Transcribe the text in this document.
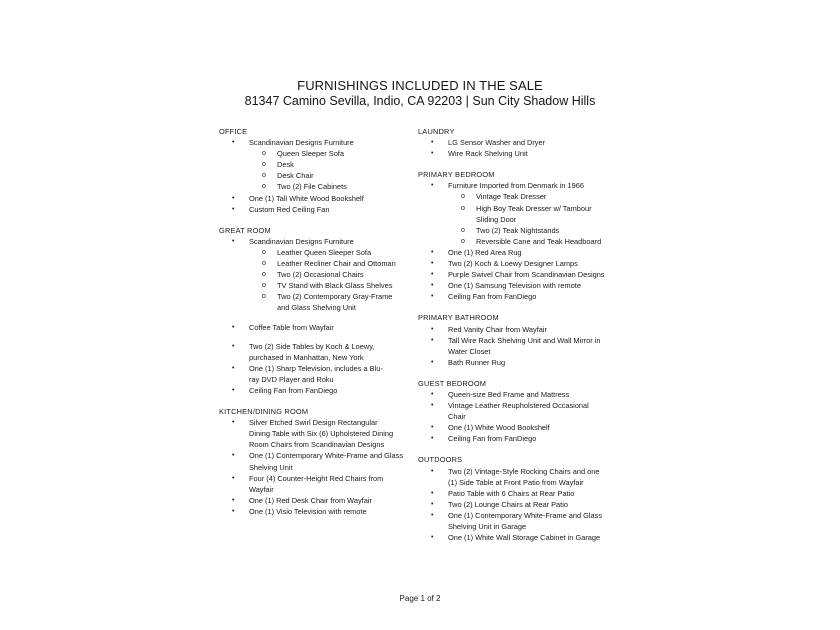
FURNISHINGS INCLUDED IN THE SALE
81347 Camino Sevilla, Indio, CA 92203 | Sun City Shadow Hills
OFFICE
• Scandinavian Designs Furniture
o Queen Sleeper Sofa
o Desk
o Desk Chair
o Two (2) File Cabinets
• One (1) Tall White Wood Bookshelf
• Custom Red Ceiling Fan
GREAT ROOM
• Scandinavian Designs Furniture
o Leather Queen Sleeper Sofa
o Leather Recliner Chair and Ottoman
o Two (2) Occasional Chairs
o TV Stand with Black Glass Shelves
o Two (2) Contemporary Gray-Frame and Glass Shelving Unit
• Coffee Table from Wayfair
• Two (2) Side Tables by Koch & Loewy, purchased in Manhattan, New York
• One (1) Sharp Television, includes a Blu-ray DVD Player and Roku
• Ceiling Fan from FanDiego
KITCHEN/DINING ROOM
• Silver Etched Swirl Design Rectangular Dining Table with Six (6) Upholstered Dining Room Chairs from Scandinavian Designs
• One (1) Contemporary White-Frame and Glass Shelving Unit
• Four (4) Counter-Height Red Chairs from Wayfair
• One (1) Red Desk Chair from Wayfair
• One (1) Visio Television with remote
LAUNDRY
• LG Sensor Washer and Dryer
• Wire Rack Shelving Unit
PRIMARY BEDROOM
• Furniture Imported from Denmark in 1966
o Vintage Teak Dresser
o High Boy Teak Dresser w/ Tambour Sliding Door
o Two (2) Teak Nightstands
o Reversible Cane and Teak Headboard
• One (1) Red Area Rug
• Two (2) Koch & Loewy Designer Lamps
• Purple Swivel Chair from Scandinavian Designs
• One (1) Samsung Television with remote
• Ceiling Fan from FanDiego
PRIMARY BATHROOM
• Red Vanity Chair from Wayfair
• Tall Wire Rack Shelving Unit and Wall Mirror in Water Closet
• Bath Runner Rug
GUEST BEDROOM
• Queen-size Bed Frame and Mattress
• Vintage Leather Reupholstered Occasional Chair
• One (1) White Wood Bookshelf
• Ceiling Fan from FanDiego
OUTDOORS
• Two (2) Vintage-Style Rocking Chairs and one (1) Side Table at Front Patio from Wayfair
• Patio Table with 6 Chairs at Rear Patio
• Two (2) Lounge Chairs at Rear Patio
• One (1) Contemporary White-Frame and Glass Shelving Unit in Garage
• One (1) White Wall Storage Cabinet in Garage
Page 1 of 2
